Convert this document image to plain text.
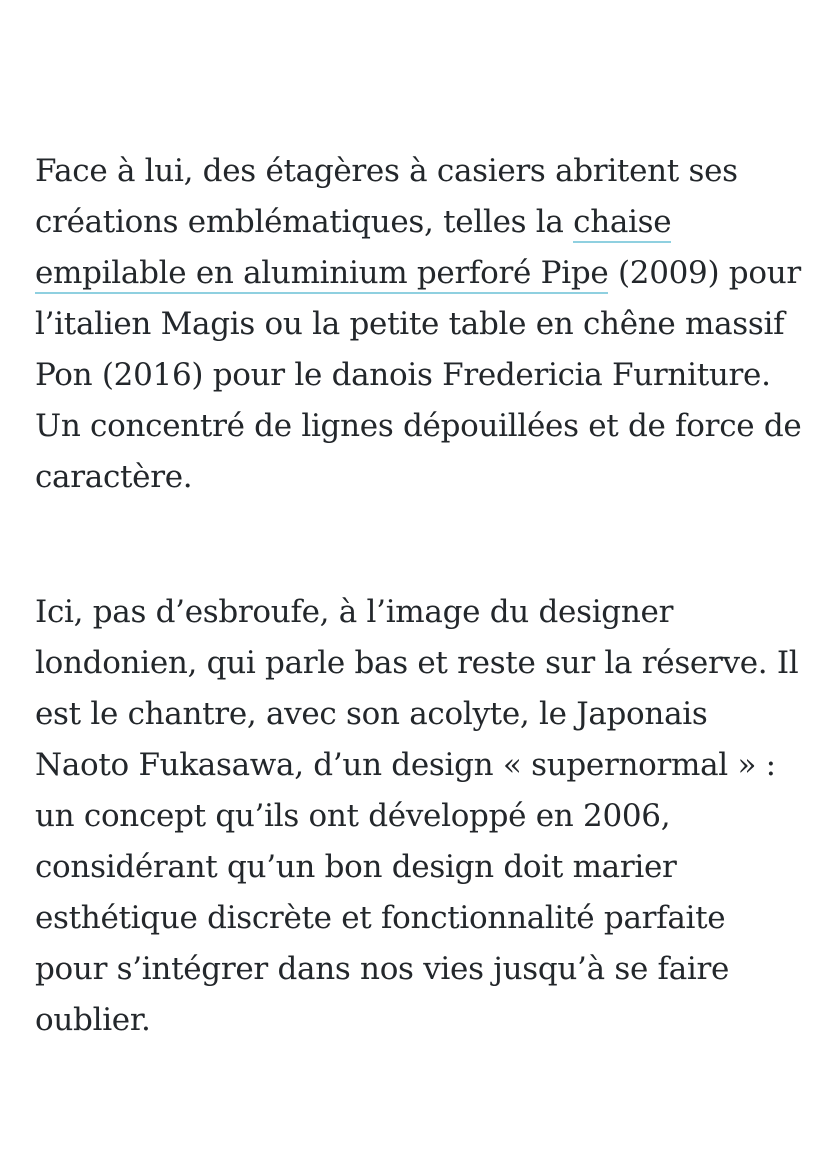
Face à lui, des étagères à casiers abritent ses créations emblématiques, telles la chaise empilable en aluminium perforé Pipe (2009) pour l’italien Magis ou la petite table en chêne massif Pon (2016) pour le danois Fredericia Furniture. Un concentré de lignes dépouillées et de force de caractère.

Ici, pas d’esbroufe, à l’image du designer londonien, qui parle bas et reste sur la réserve. Il est le chantre, avec son acolyte, le Japonais Naoto Fukasawa, d’un design « supernormal » : un concept qu’ils ont développé en 2006, considérant qu’un bon design doit marier esthétique discrète et fonctionnalité parfaite pour s’intégrer dans nos vies jusqu’à se faire oublier.
